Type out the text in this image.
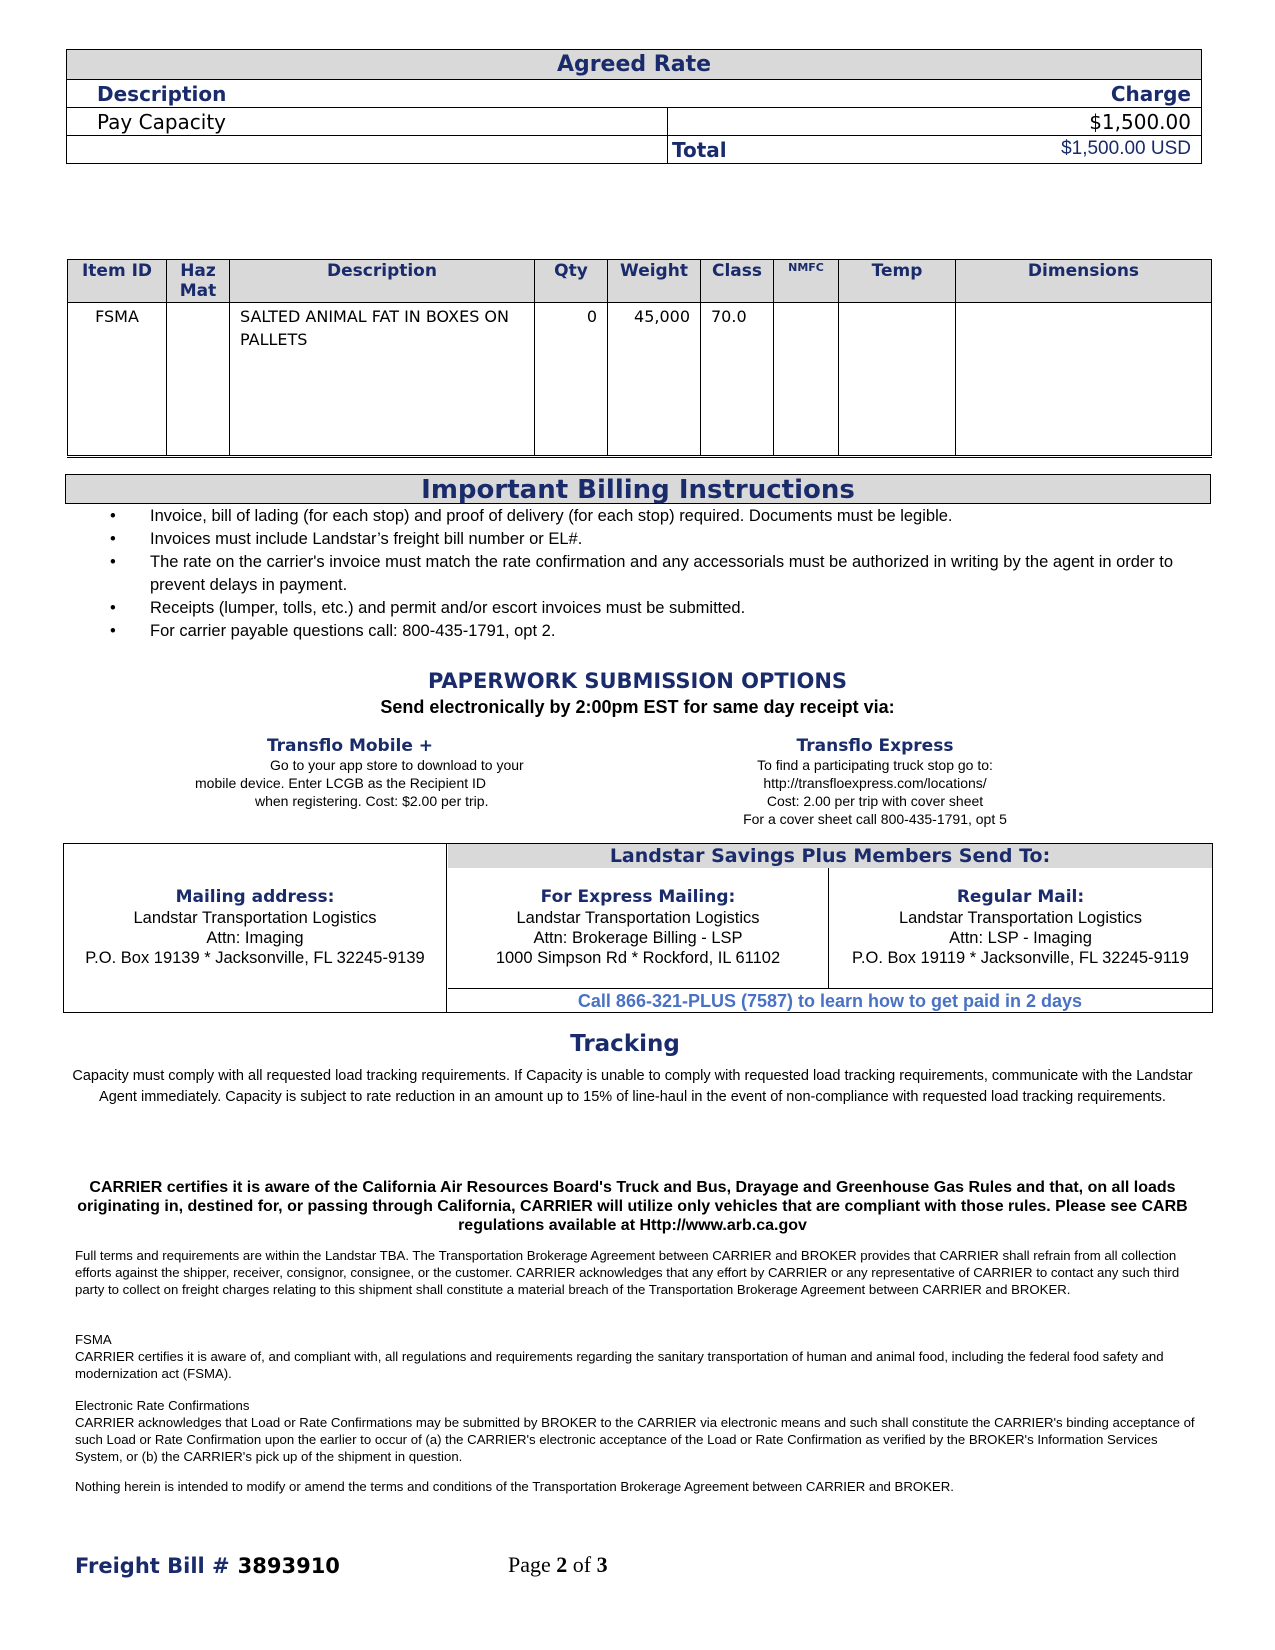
Agreed Rate	
Description Charge	

Pay Capacity	$1,500.00
	Total $1,500.00 USD
Item ID	Haz Mat	Description	Qty	Weight	Class	NMFC	Temp	Dimensions
FSMA		SALTED ANIMAL FAT IN BOXES ON PALLETS	0	45,000	70.0			
Important Billing Instructions
• Invoice, bill of lading (for each stop) and proof of delivery (for each stop) required. Documents must be legible.
• Invoices must include Landstar’s freight bill number or EL#.
• The rate on the carrier's invoice must match the rate confirmation and any accessorials must be authorized in writing by the agent in order to prevent delays in payment.
• Receipts (lumper, tolls, etc.) and permit and/or escort invoices must be submitted.
• For carrier payable questions call: 800-435-1791, opt 2.
PAPERWORK SUBMISSION OPTIONS
Send electronically by 2:00pm EST for same day receipt via:
Transflo Mobile +
Go to your app store to download to your
mobile device. Enter LCGB as the Recipient ID
when registering. Cost: $2.00 per trip.
Transflo Express
To find a participating truck stop go to:
http://transfloexpress.com/locations/
Cost: 2.00 per trip with cover sheet
For a cover sheet call 800-435-1791, opt 5
Mailing address:
Landstar Transportation Logistics
Attn: Imaging
P.O. Box 19139 * Jacksonville, FL 32245-9139
Landstar Savings Plus Members Send To:
For Express Mailing:
Landstar Transportation Logistics
Attn: Brokerage Billing - LSP
1000 Simpson Rd * Rockford, IL 61102
Regular Mail:
Landstar Transportation Logistics
Attn: LSP - Imaging
P.O. Box 19119 * Jacksonville, FL 32245-9119
Call 866-321-PLUS (7587) to learn how to get paid in 2 days
Tracking
Capacity must comply with all requested load tracking requirements. If Capacity is unable to comply with requested load tracking requirements, communicate with the Landstar Agent immediately. Capacity is subject to rate reduction in an amount up to 15% of line-haul in the event of non-compliance with requested load tracking requirements.
CARRIER certifies it is aware of the California Air Resources Board's Truck and Bus, Drayage and Greenhouse Gas Rules and that, on all loads originating in, destined for, or passing through California, CARRIER will utilize only vehicles that are compliant with those rules. Please see CARB regulations available at Http://www.arb.ca.gov
Full terms and requirements are within the Landstar TBA. The Transportation Brokerage Agreement between CARRIER and BROKER provides that CARRIER shall refrain from all collection efforts against the shipper, receiver, consignor, consignee, or the customer. CARRIER acknowledges that any effort by CARRIER or any representative of CARRIER to contact any such third party to collect on freight charges relating to this shipment shall constitute a material breach of the Transportation Brokerage Agreement between CARRIER and BROKER.
FSMA
CARRIER certifies it is aware of, and compliant with, all regulations and requirements regarding the sanitary transportation of human and animal food, including the federal food safety and modernization act (FSMA).
Electronic Rate Confirmations
CARRIER acknowledges that Load or Rate Confirmations may be submitted by BROKER to the CARRIER via electronic means and such shall constitute the CARRIER's binding acceptance of such Load or Rate Confirmation upon the earlier to occur of (a) the CARRIER's electronic acceptance of the Load or Rate Confirmation as verified by the BROKER's Information Services System, or (b) the CARRIER's pick up of the shipment in question.
Nothing herein is intended to modify or amend the terms and conditions of the Transportation Brokerage Agreement between CARRIER and BROKER.
Freight Bill # 3893910	Page 2 of 3
